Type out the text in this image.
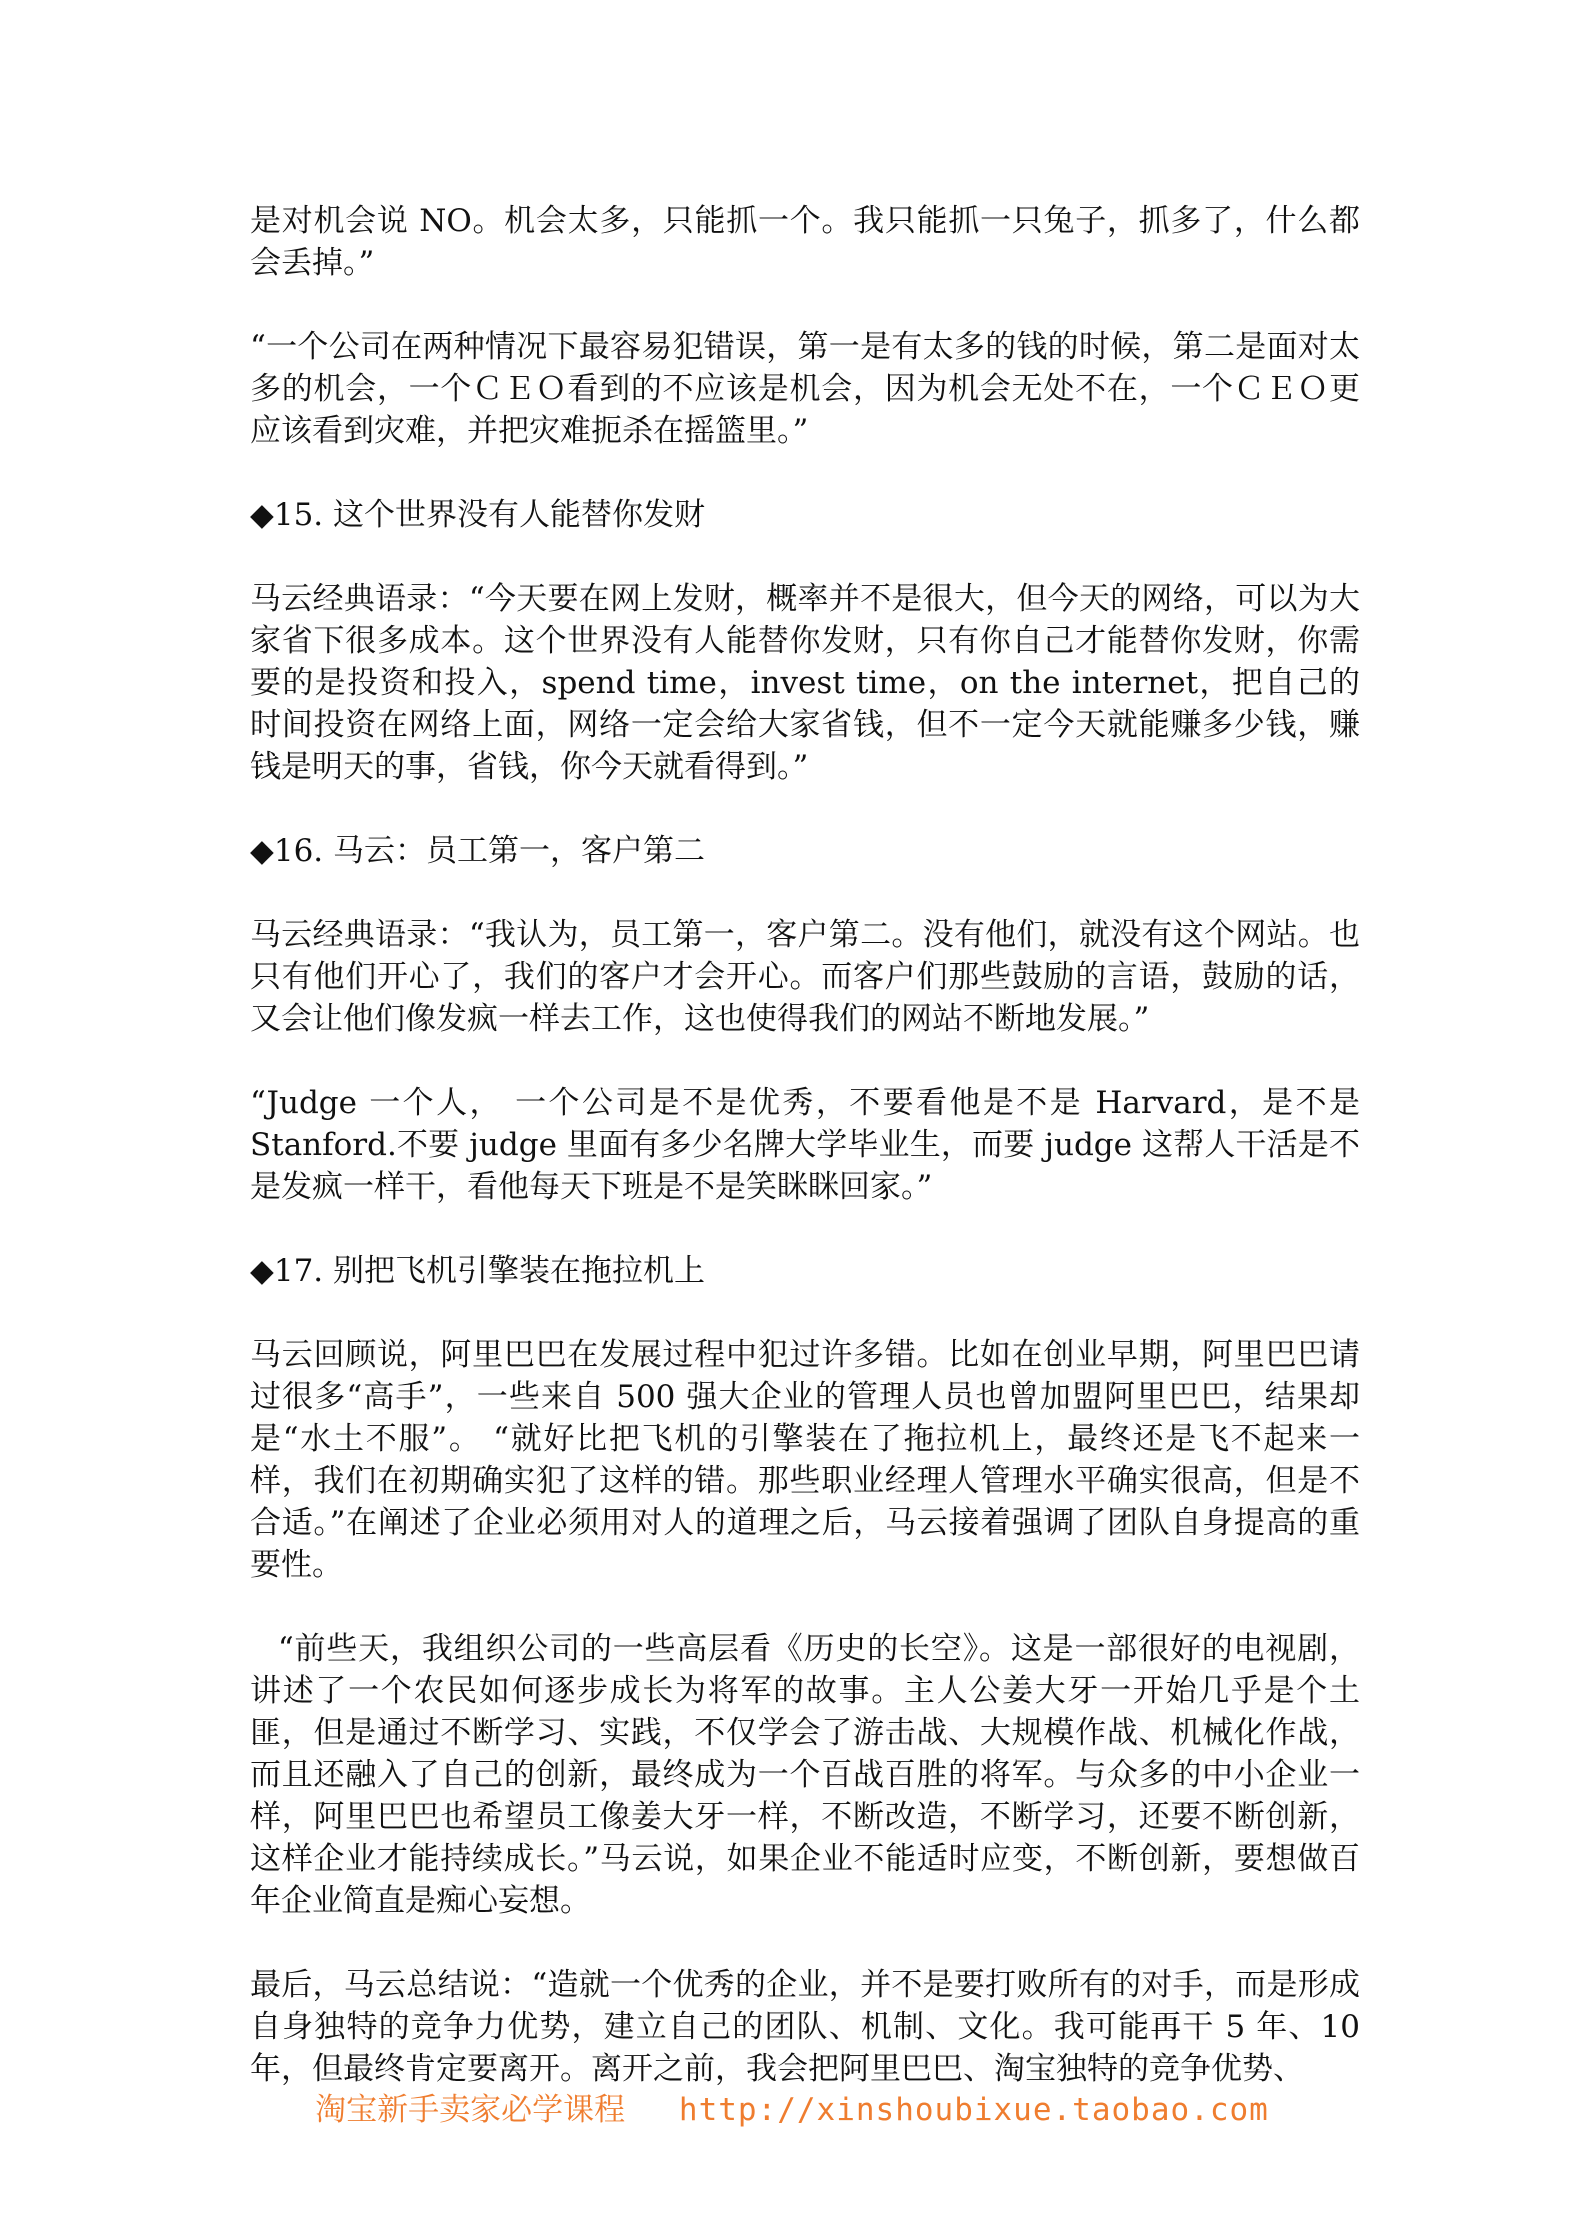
是对机会说 NO。机会太多，只能抓一个。我只能抓一只兔子，抓多了，什么都会丢掉。”

“一个公司在两种情况下最容易犯错误，第一是有太多的钱的时候，第二是面对太多的机会，一个ＣＥＯ看到的不应该是机会，因为机会无处不在，一个ＣＥＯ更应该看到灾难，并把灾难扼杀在摇篮里。”

◆15. 这个世界没有人能替你发财

马云经典语录：“今天要在网上发财，概率并不是很大，但今天的网络，可以为大家省下很多成本。这个世界没有人能替你发财，只有你自己才能替你发财，你需要的是投资和投入，spend time，invest time，on the internet，把自己的时间投资在网络上面，网络一定会给大家省钱，但不一定今天就能赚多少钱，赚钱是明天的事，省钱，你今天就看得到。”

◆16. 马云：员工第一，客户第二

马云经典语录：“我认为，员工第一，客户第二。没有他们，就没有这个网站。也只有他们开心了，我们的客户才会开心。而客户们那些鼓励的言语，鼓励的话，又会让他们像发疯一样去工作，这也使得我们的网站不断地发展。”

“Judge 一个人， 一个公司是不是优秀，不要看他是不是 Harvard，是不是 Stanford.不要 judge 里面有多少名牌大学毕业生，而要 judge 这帮人干活是不是发疯一样干，看他每天下班是不是笑眯眯回家。”

◆17. 别把飞机引擎装在拖拉机上

马云回顾说，阿里巴巴在发展过程中犯过许多错。比如在创业早期，阿里巴巴请过很多“高手”，一些来自 500 强大企业的管理人员也曾加盟阿里巴巴，结果却是“水土不服”。 “就好比把飞机的引擎装在了拖拉机上，最终还是飞不起来一样，我们在初期确实犯了这样的错。那些职业经理人管理水平确实很高，但是不合适。”在阐述了企业必须用对人的道理之后，马云接着强调了团队自身提高的重要性。

“前些天，我组织公司的一些高层看《历史的长空》。这是一部很好的电视剧，讲述了一个农民如何逐步成长为将军的故事。主人公姜大牙一开始几乎是个土匪，但是通过不断学习、实践，不仅学会了游击战、大规模作战、机械化作战，而且还融入了自己的创新，最终成为一个百战百胜的将军。与众多的中小企业一样，阿里巴巴也希望员工像姜大牙一样，不断改造，不断学习，还要不断创新，这样企业才能持续成长。”马云说，如果企业不能适时应变，不断创新，要想做百年企业简直是痴心妄想。

最后，马云总结说：“造就一个优秀的企业，并不是要打败所有的对手，而是形成自身独特的竞争力优势，建立自己的团队、机制、文化。我可能再干 5 年、10 年，但最终肯定要离开。离开之前，我会把阿里巴巴、淘宝独特的竞争优势、

淘宝新手卖家必学课程 http://xinshoubixue.taobao.com
